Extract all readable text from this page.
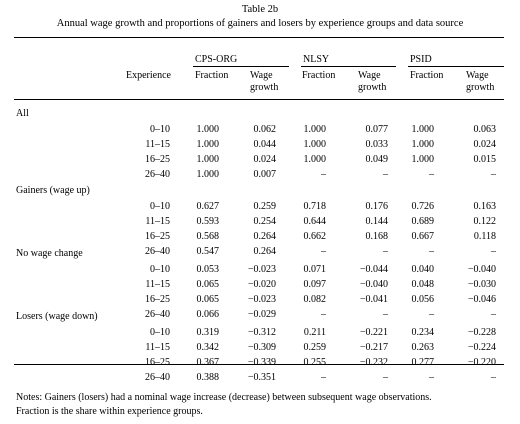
Table 2b
Annual wage growth and proportions of gainers and losers by experience groups and data source
CPS-ORG	NLSY	PSID
Experience Fraction Wage
growth
Fraction Wage
growth
Fraction Wage
growth
All
0–10	1.000	0.062	1.000	0.077 1.000	0.063
11–15	1.000	0.044	1.000	0.033 1.000	0.024
16–25	1.000	0.024	1.000	0.049 1.000	0.015
26–40	1.000	0.007	–	–	–	–
Gainers (wage up)
0–10	0.627	0.259	0.718	0.176 0.726	0.163
11–15	0.593	0.254	0.644	0.144 0.689	0.122
16–25	0.568	0.264	0.662	0.168 0.667	0.118
26–40	0.547	0.264	–	–	–	–
No wage change
0–10	0.053	−0.023	0.071	−0.044 0.040	−0.040
11–15	0.065	−0.020	0.097	−0.040 0.048	−0.030
16–25	0.065	−0.023	0.082	−0.041 0.056	−0.046
26–40	0.066	−0.029	–	–	–	–
Losers (wage down)
0–10	0.319	−0.312	0.211	−0.221 0.234	−0.228
11–15	0.342	−0.309	0.259	−0.217 0.263	−0.224
16–25	0.367	−0.339	0.255	−0.232 0.277	−0.220
26–40	0.388	−0.351	–	–	–	–
Notes: Gainers (losers) had a nominal wage increase (decrease) between subsequent wage observations.
Fraction is the share within experience groups.
